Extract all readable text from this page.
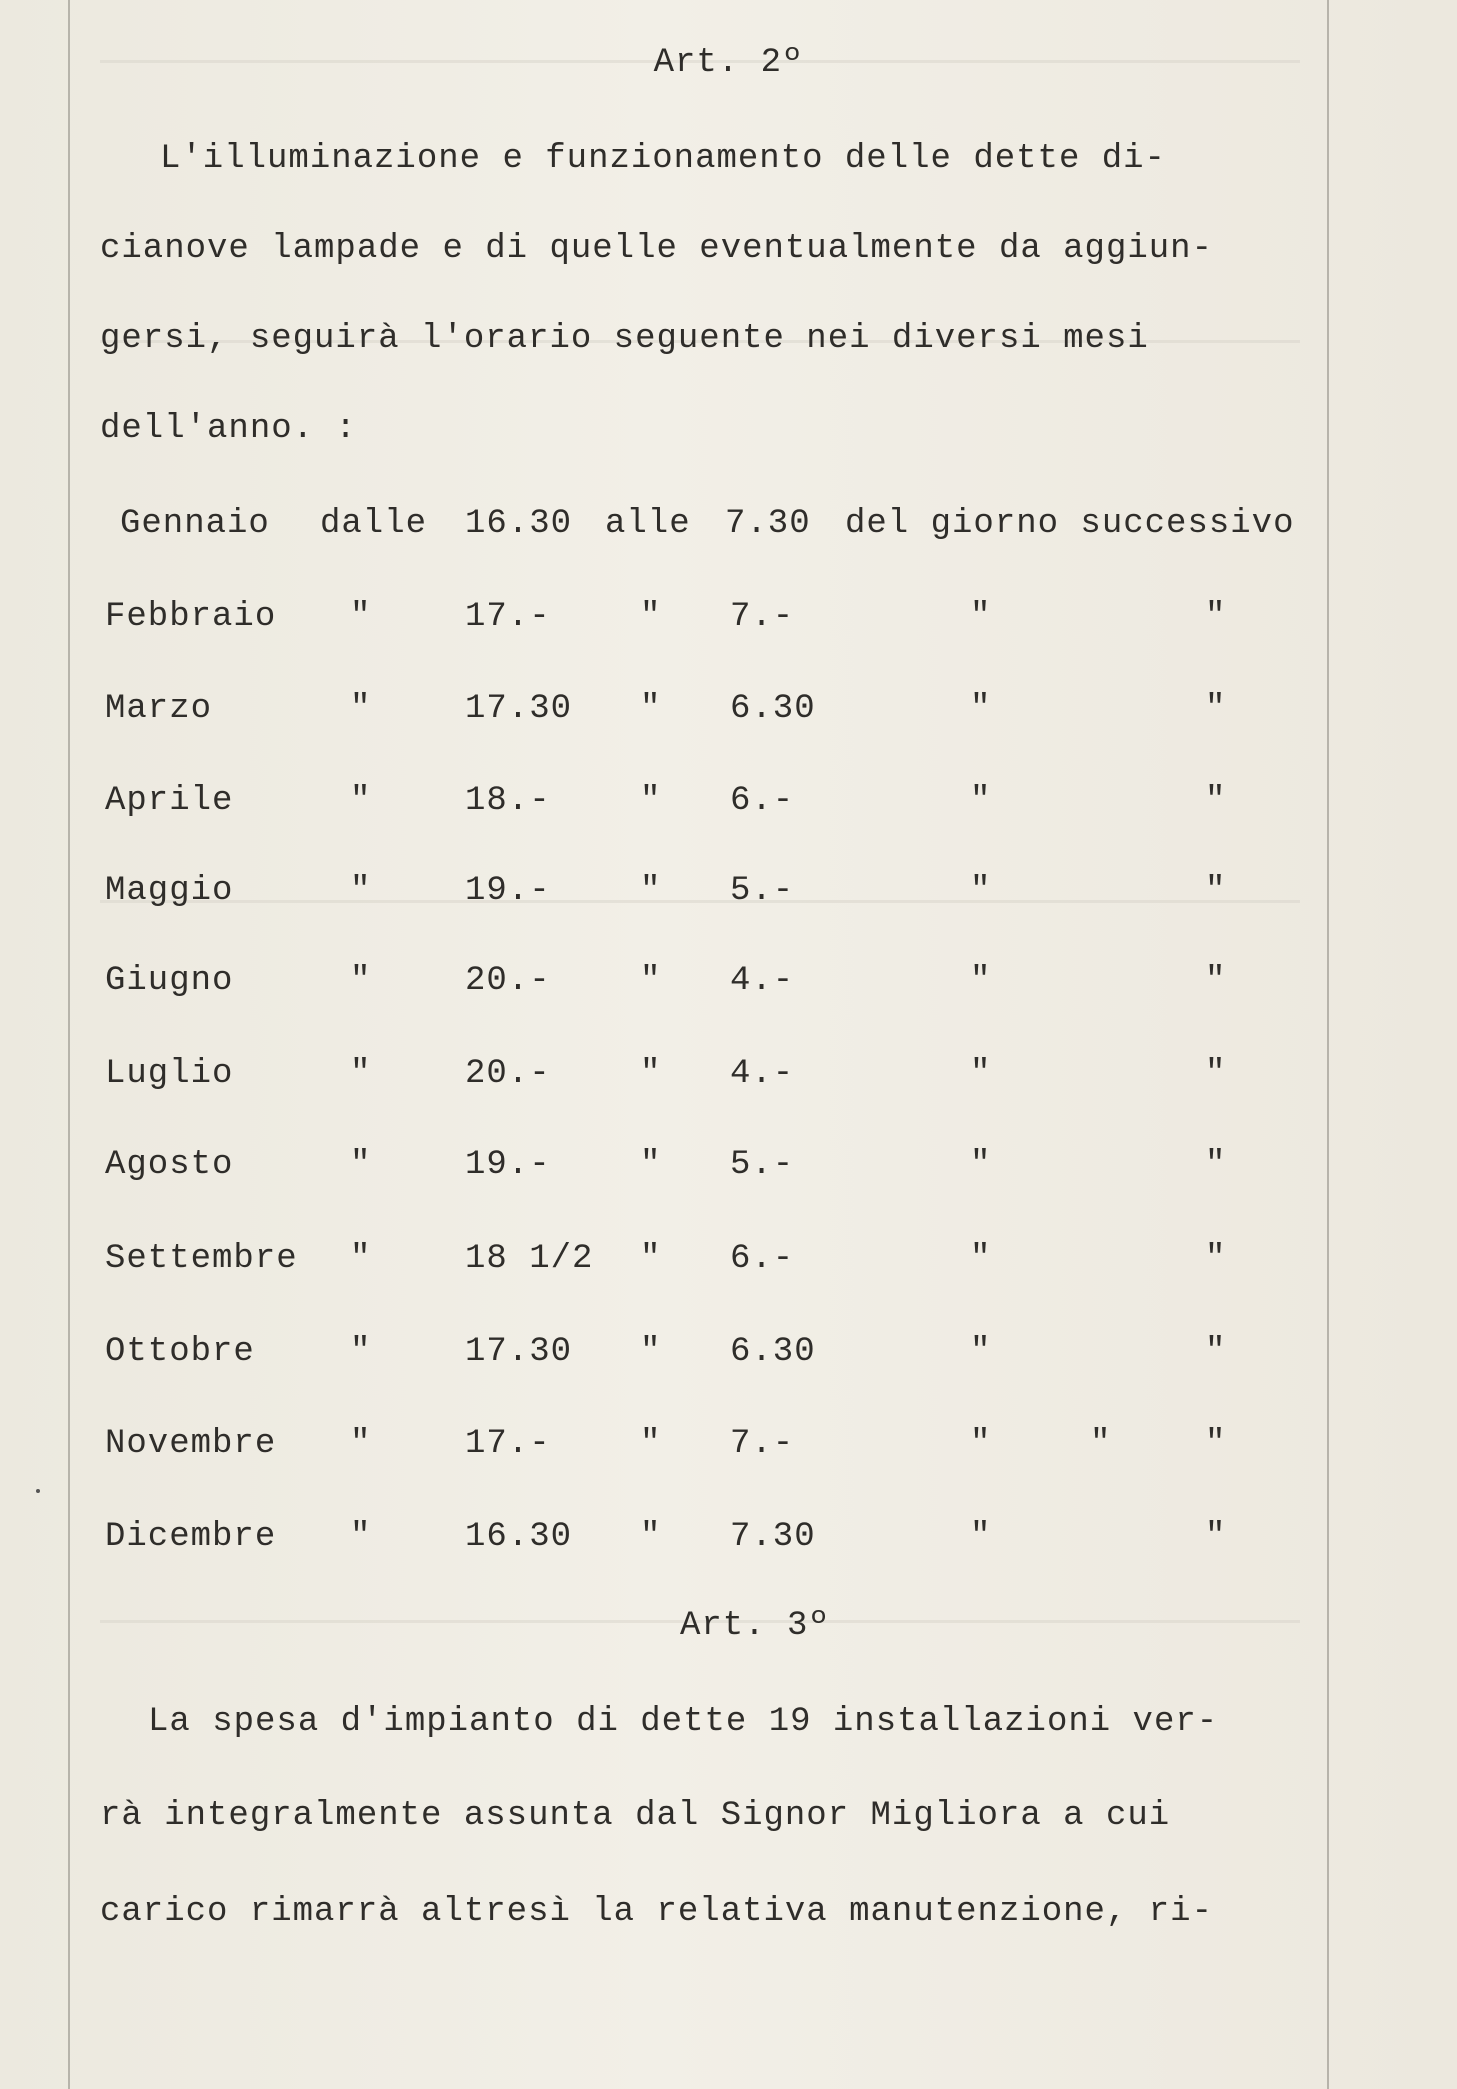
Art. 2º
L'illuminazione e funzionamento delle dette di-
cianove lampade e di quelle eventualmente da aggiun-
gersi, seguirà l'orario seguente nei diversi mesi
dell'anno. :
Gennaio dalle 16.30 alle 7.30 del giorno successivo
Febbraio "	17.-	" 7.-	"	"
Marzo	"	17.30 " 6.30	"	"
Aprile	"	18.-	" 6.-	"	"
Maggio	"	19.-	" 5.-	"	"
Giugno	"	20.-	" 4.-	"	"
Luglio	"	20.-	" 4.-	"	"
Agosto	"	19.-	" 5.-	"	"
Settembre "	18 1/2 " 6.-	"	"
Ottobre	"	17.30 " 6.30	"	"
Novembre "	17.-	" 7.-	"	"	"
Dicembre "	16.30 " 7.30	"	"
Art. 3º
La spesa d'impianto di dette 19 installazioni ver-
rà integralmente assunta dal Signor Migliora a cui
carico rimarrà altresì la relativa manutenzione, ri-
